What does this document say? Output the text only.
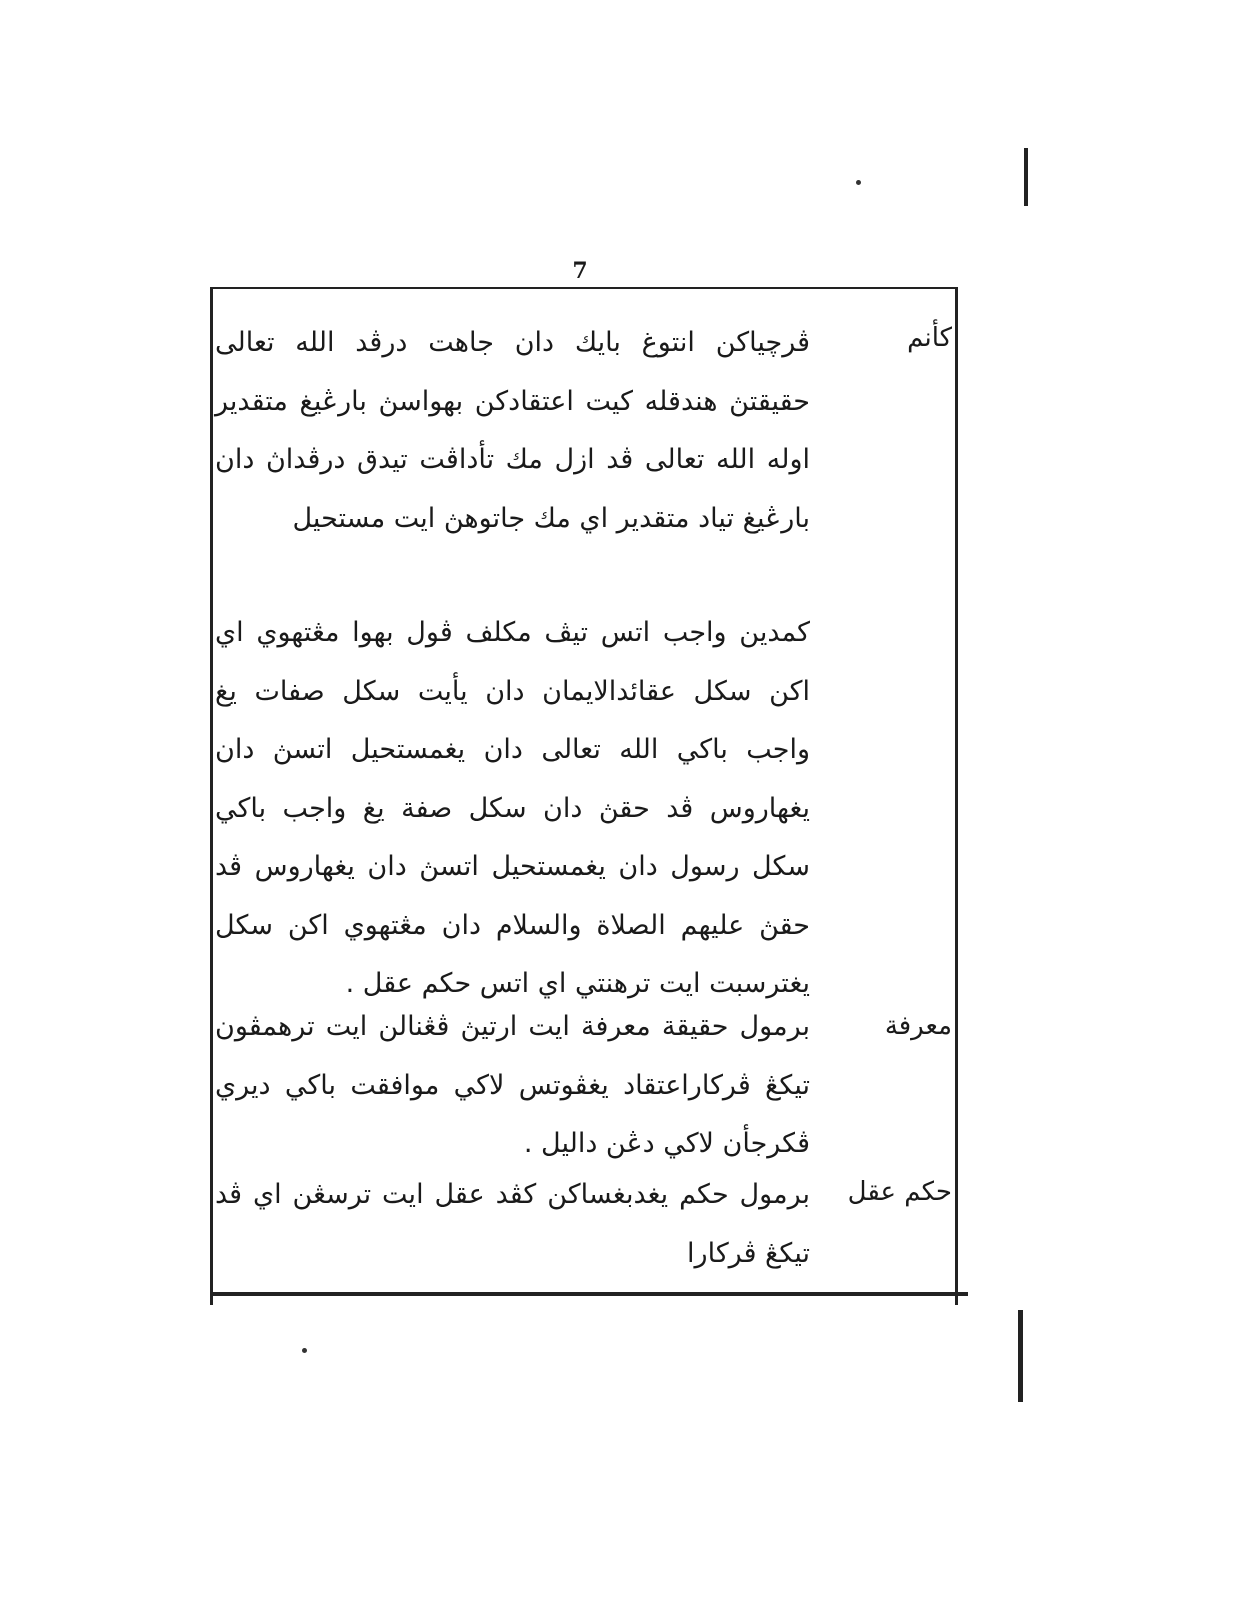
7
كأنم
ڤرچياكن انتوغ بايك دان جاهت درڤد الله تعالى حقيقتڽ هندقله كيت اعتقادكن بهواسڽ بارڠيغ متقدير اوله الله تعالى ڤد ازل مك تأداڤت تيدق درڤداڽ دان بارڠيغ تياد متقدير اي مك جاتوهڽ ايت مستحيل
كمدين واجب اتس تيڤ مكلف ڤول بهوا مڠتهوي اي اكن سكل عقائدالايمان دان يأيت سكل صفات يغ واجب باكي الله تعالى دان يغمستحيل اتسڽ دان يغهاروس ڤد حقڽ دان سكل صفة يغ واجب باكي سكل رسول دان يغمستحيل اتسڽ دان يغهاروس ڤد حقڽ عليهم الصلاة والسلام دان مڠتهوي اكن سكل يغترسبت ايت ترهنتي اي اتس حكم عقل .
معرفة
برمول حقيقة معرفة ايت ارتيڽ ڤڠنالن ايت ترهمڤون تيكڠ ڤركاراعتقاد يغڤوتس لاكي موافقت باكي ديري ڤكرجأن لاكي دڠن داليل .
حكم عقل
برمول حكم يغدبغساكن كڤد عقل ايت ترسڠن اي ڤد تيكڠ ڤركارا
